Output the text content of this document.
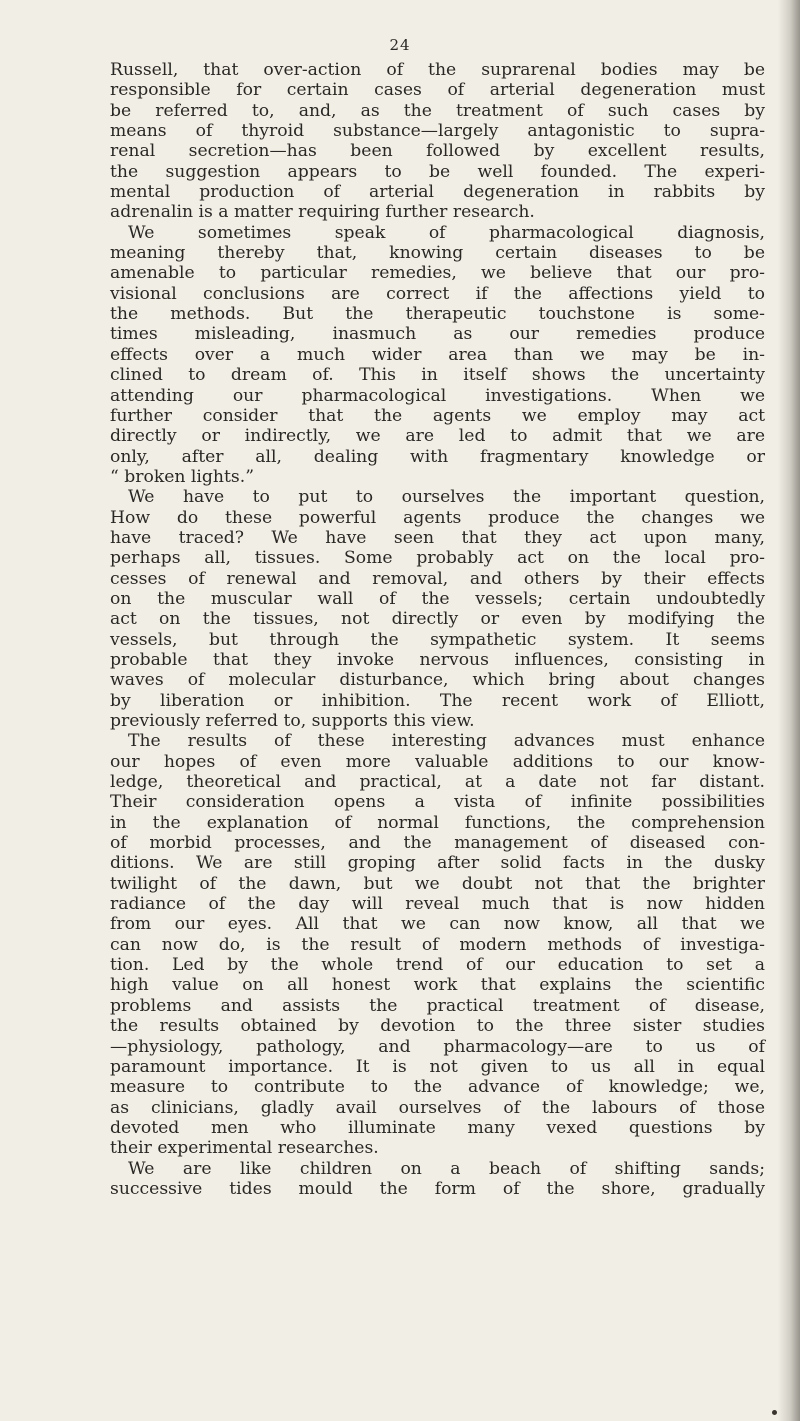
24
Russell, that over-action of the suprarenal bodies may be
responsible for certain cases of arterial degeneration must
be referred to, and, as the treatment of such cases by
means of thyroid substance—largely antagonistic to supra-
renal secretion—has been followed by excellent results,
the suggestion appears to be well founded. The experi-
mental production of arterial degeneration in rabbits by
adrenalin is a matter requiring further research.
We sometimes speak of pharmacological diagnosis,
meaning thereby that, knowing certain diseases to be
amenable to particular remedies, we believe that our pro-
visional conclusions are correct if the affections yield to
the methods. But the therapeutic touchstone is some-
times misleading, inasmuch as our remedies produce
effects over a much wider area than we may be in-
clined to dream of. This in itself shows the uncertainty
attending our pharmacological investigations. When we
further consider that the agents we employ may act
directly or indirectly, we are led to admit that we are
only, after all, dealing with fragmentary knowledge or
“ broken lights.”
We have to put to ourselves the important question,
How do these powerful agents produce the changes we
have traced? We have seen that they act upon many,
perhaps all, tissues. Some probably act on the local pro-
cesses of renewal and removal, and others by their effects
on the muscular wall of the vessels; certain undoubtedly
act on the tissues, not directly or even by modifying the
vessels, but through the sympathetic system. It seems
probable that they invoke nervous influences, consisting in
waves of molecular disturbance, which bring about changes
by liberation or inhibition. The recent work of Elliott,
previously referred to, supports this view.
The results of these interesting advances must enhance
our hopes of even more valuable additions to our know-
ledge, theoretical and practical, at a date not far distant.
Their consideration opens a vista of infinite possibilities
in the explanation of normal functions, the comprehension
of morbid processes, and the management of diseased con-
ditions. We are still groping after solid facts in the dusky
twilight of the dawn, but we doubt not that the brighter
radiance of the day will reveal much that is now hidden
from our eyes. All that we can now know, all that we
can now do, is the result of modern methods of investiga-
tion. Led by the whole trend of our education to set a
high value on all honest work that explains the scientific
problems and assists the practical treatment of disease,
the results obtained by devotion to the three sister studies
—physiology, pathology, and pharmacology—are to us of
paramount importance. It is not given to us all in equal
measure to contribute to the advance of knowledge; we,
as clinicians, gladly avail ourselves of the labours of those
devoted men who illuminate many vexed questions by
their experimental researches.
We are like children on a beach of shifting sands;
successive tides mould the form of the shore, gradually
